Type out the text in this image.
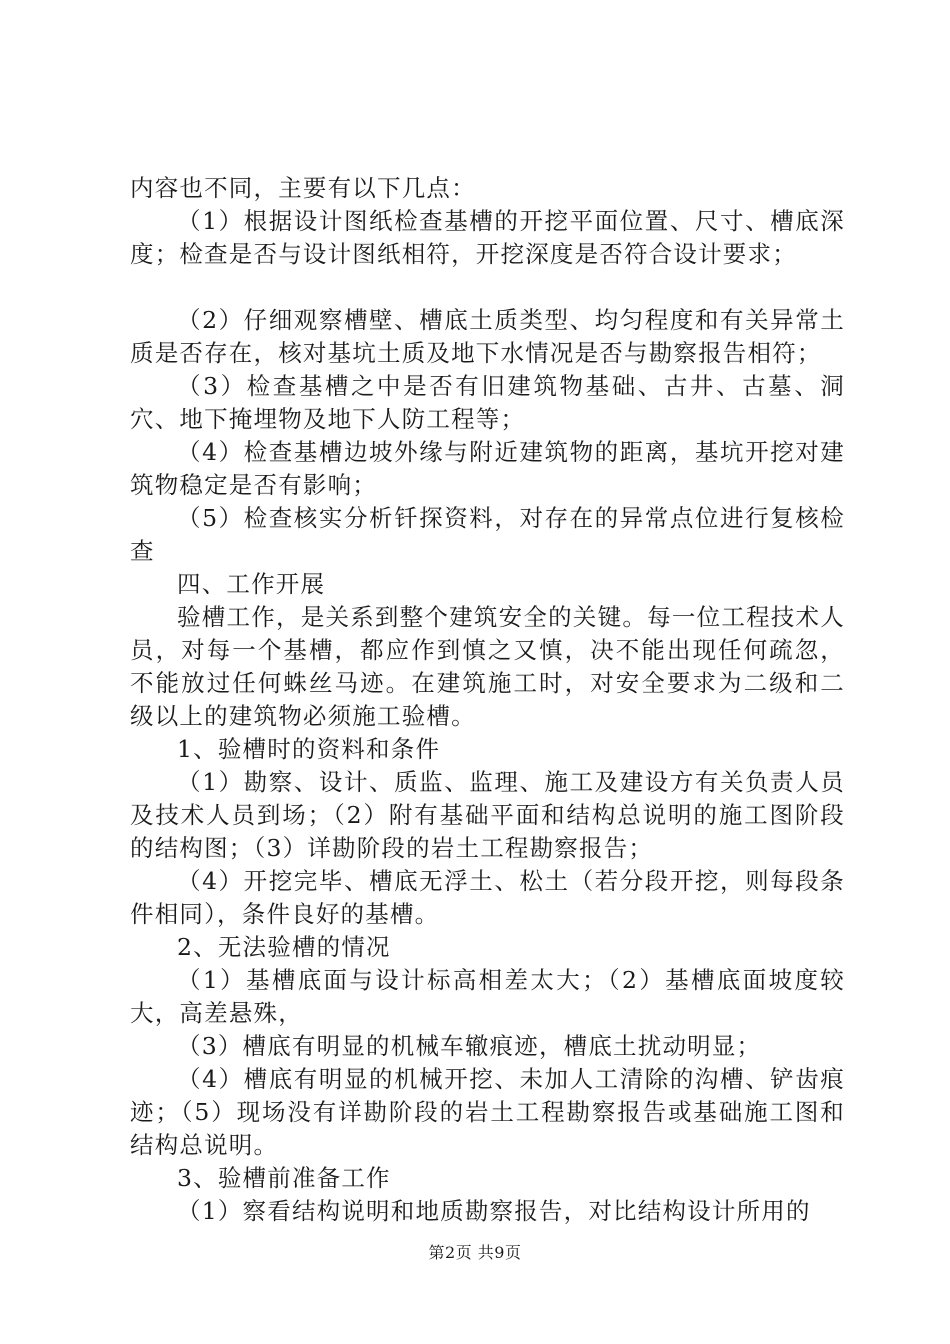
内容也不同，主要有以下几点：

（1）根据设计图纸检查基槽的开挖平面位置、尺寸、槽底深度；检查是否与设计图纸相符，开挖深度是否符合设计要求；

（2）仔细观察槽壁、槽底土质类型、均匀程度和有关异常土质是否存在，核对基坑土质及地下水情况是否与勘察报告相符；

（3）检查基槽之中是否有旧建筑物基础、古井、古墓、洞穴、地下掩埋物及地下人防工程等；

（4）检查基槽边坡外缘与附近建筑物的距离，基坑开挖对建筑物稳定是否有影响；

（5）检查核实分析钎探资料，对存在的异常点位进行复核检查

四、工作开展

验槽工作，是关系到整个建筑安全的关键。每一位工程技术人员，对每一个基槽，都应作到慎之又慎，决不能出现任何疏忽，不能放过任何蛛丝马迹。在建筑施工时，对安全要求为二级和二级以上的建筑物必须施工验槽。

1、验槽时的资料和条件

（1）勘察、设计、质监、监理、施工及建设方有关负责人员及技术人员到场；（2）附有基础平面和结构总说明的施工图阶段的结构图；（3）详勘阶段的岩土工程勘察报告；

（4）开挖完毕、槽底无浮土、松土（若分段开挖，则每段条件相同），条件良好的基槽。

2、无法验槽的情况

（1）基槽底面与设计标高相差太大；（2）基槽底面坡度较大，高差悬殊，

（3）槽底有明显的机械车辙痕迹，槽底土扰动明显；

（4）槽底有明显的机械开挖、未加人工清除的沟槽、铲齿痕迹；（5）现场没有详勘阶段的岩土工程勘察报告或基础施工图和结构总说明。

3、验槽前准备工作

（1）察看结构说明和地质勘察报告，对比结构设计所用的

第2页 共9页
